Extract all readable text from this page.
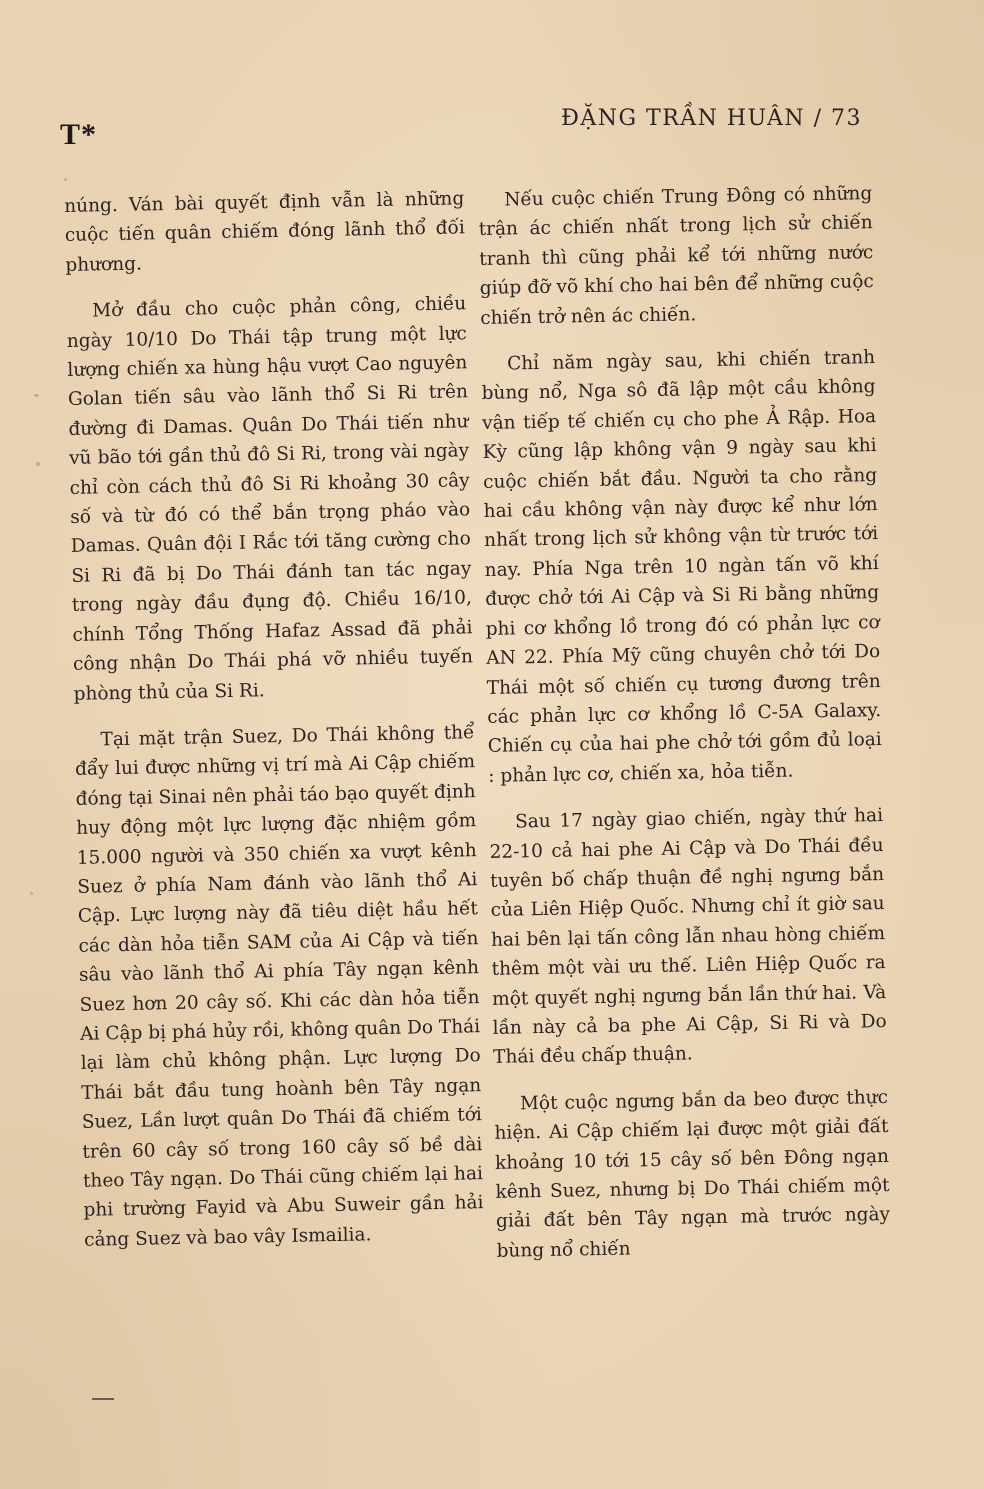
T*	ĐẶNG TRẦN HUÂN / 73

núng. Ván bài quyết định vẫn là những cuộc tiến quân chiếm đóng lãnh thổ đối phương.

Mở đầu cho cuộc phản công, chiều ngày 10/10 Do Thái tập trung một lực lượng chiến xa hùng hậu vượt Cao nguyên Golan tiến sâu vào lãnh thổ Si Ri trên đường đi Damas. Quân Do Thái tiến như vũ bão tới gần thủ đô Si Ri, trong vài ngày chỉ còn cách thủ đô Si Ri khoảng 30 cây số và từ đó có thể bắn trọng pháo vào Damas. Quân đội I Rắc tới tăng cường cho Si Ri đã bị Do Thái đánh tan tác ngay trong ngày đầu đụng độ. Chiều 16/10, chính Tổng Thống Hafaz Assad đã phải công nhận Do Thái phá vỡ nhiều tuyến phòng thủ của Si Ri.

Tại mặt trận Suez, Do Thái không thể đẩy lui được những vị trí mà Ai Cập chiếm đóng tại Sinai nên phải táo bạo quyết định huy động một lực lượng đặc nhiệm gồm 15.000 người và 350 chiến xa vượt kênh Suez ở phía Nam đánh vào lãnh thổ Ai Cập. Lực lượng này đã tiêu diệt hầu hết các dàn hỏa tiễn SAM của Ai Cập và tiến sâu vào lãnh thổ Ai phía Tây ngạn kênh Suez hơn 20 cây số. Khi các dàn hỏa tiễn Ai Cập bị phá hủy rồi, không quân Do Thái lại làm chủ không phận. Lực lượng Do Thái bắt đầu tung hoành bên Tây ngạn Suez, Lần lượt quân Do Thái đã chiếm tới trên 60 cây số trong 160 cây số bề dài theo Tây ngạn. Do Thái cũng chiếm lại hai phi trường Fayid và Abu Suweir gần hải cảng Suez và bao vây Ismailia.

Nếu cuộc chiến Trung Đông có những trận ác chiến nhất trong lịch sử chiến tranh thì cũng phải kể tới những nước giúp đỡ võ khí cho hai bên để những cuộc chiến trở nên ác chiến.

Chỉ năm ngày sau, khi chiến tranh bùng nổ, Nga sô đã lập một cầu không vận tiếp tế chiến cụ cho phe Ả Rập. Hoa Kỳ cũng lập không vận 9 ngày sau khi cuộc chiến bắt đầu. Người ta cho rằng hai cầu không vận này được kể như lớn nhất trong lịch sử không vận từ trước tới nay. Phía Nga trên 10 ngàn tấn võ khí được chở tới Ai Cập và Si Ri bằng những phi cơ khổng lồ trong đó có phản lực cơ AN 22. Phía Mỹ cũng chuyên chở tới Do Thái một số chiến cụ tương đương trên các phản lực cơ khổng lồ C-5A Galaxy. Chiến cụ của hai phe chở tới gồm đủ loại : phản lực cơ, chiến xa, hỏa tiễn.

Sau 17 ngày giao chiến, ngày thứ hai 22-10 cả hai phe Ai Cập và Do Thái đều tuyên bố chấp thuận đề nghị ngưng bắn của Liên Hiệp Quốc. Nhưng chỉ ít giờ sau hai bên lại tấn công lẫn nhau hòng chiếm thêm một vài ưu thế. Liên Hiệp Quốc ra một quyết nghị ngưng bắn lần thứ hai. Và lần này cả ba phe Ai Cập, Si Ri và Do Thái đều chấp thuận.

Một cuộc ngưng bắn da beo được thực hiện. Ai Cập chiếm lại được một giải đất khoảng 10 tới 15 cây số bên Đông ngạn kênh Suez, nhưng bị Do Thái chiếm một giải đất bên Tây ngạn mà trước ngày bùng nổ chiến
